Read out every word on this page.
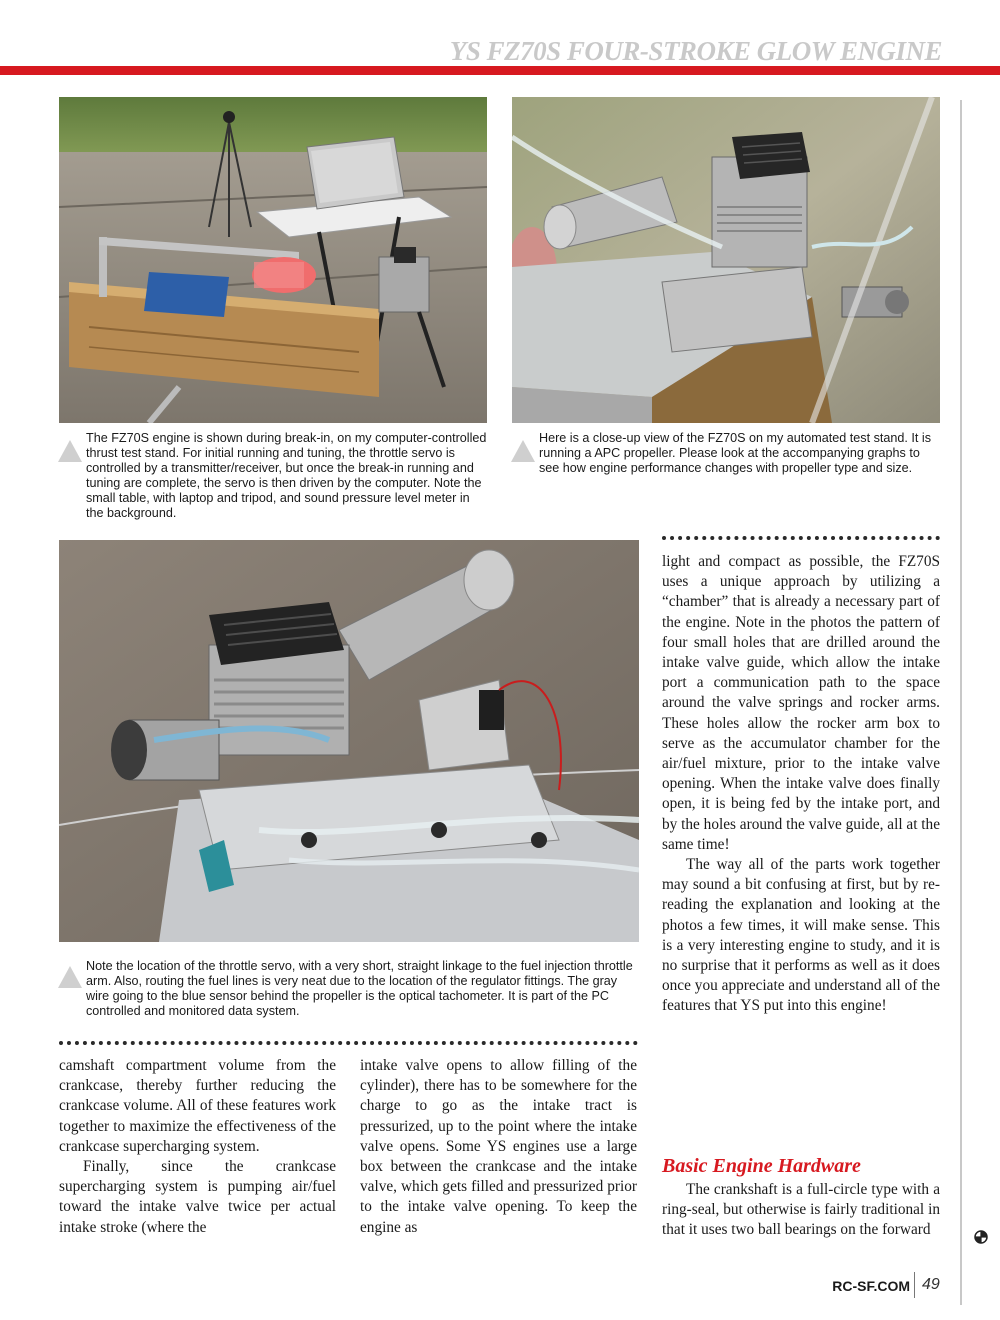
YS FZ70S FOUR-STROKE GLOW ENGINE
The FZ70S engine is shown during break-in, on my computer-controlled thrust test stand. For initial running and tuning, the throttle servo is controlled by a transmitter/receiver, but once the break-in running and tuning are complete, the servo is then driven by the computer. Note the small table, with laptop and tripod, and sound pressure level meter in the background.
Here is a close-up view of the FZ70S on my automated test stand. It is running a APC propeller. Please look at the accompanying graphs to see how engine performance changes with propeller type and size.
Note the location of the throttle servo, with a very short, straight linkage to the fuel injection throttle arm. Also, routing the fuel lines is very neat due to the location of the regulator fittings. The gray wire going to the blue sensor behind the propeller is the optical tachometer. It is part of the PC controlled and monitored data system.

camshaft compartment volume from the crankcase, thereby further reducing the crankcase volume. All of these features work together to maximize the effectiveness of the crankcase supercharging system.

Finally, since the crankcase supercharging system is pumping air/fuel toward the intake valve twice per actual intake stroke (where the

intake valve opens to allow filling of the cylinder), there has to be somewhere for the charge to go as the intake tract is pressurized, up to the point where the intake valve opens. Some YS engines use a large box between the crankcase and the intake valve, which gets filled and pressurized prior to the intake valve opening. To keep the engine as

light and compact as possible, the FZ70S uses a unique approach by utilizing a “chamber” that is already a necessary part of the engine. Note in the photos the pattern of four small holes that are drilled around the intake valve guide, which allow the intake port a communication path to the space around the valve springs and rocker arms. These holes allow the rocker arm box to serve as the accumulator chamber for the air/fuel mixture, prior to the intake valve opening. When the intake valve does finally open, it is being fed by the intake port, and by the holes around the valve guide, all at the same time!

The way all of the parts work together may sound a bit confusing at first, but by re-reading the explanation and looking at the photos a few times, it will make sense. This is a very interesting engine to study, and it is no surprise that it performs as well as it does once you appreciate and understand all of the features that YS put into this engine!

Basic Engine Hardware

The crankshaft is a full-circle type with a ring-seal, but otherwise is fairly traditional in that it uses two ball bearings on the forward

RC-SF.COM 49
